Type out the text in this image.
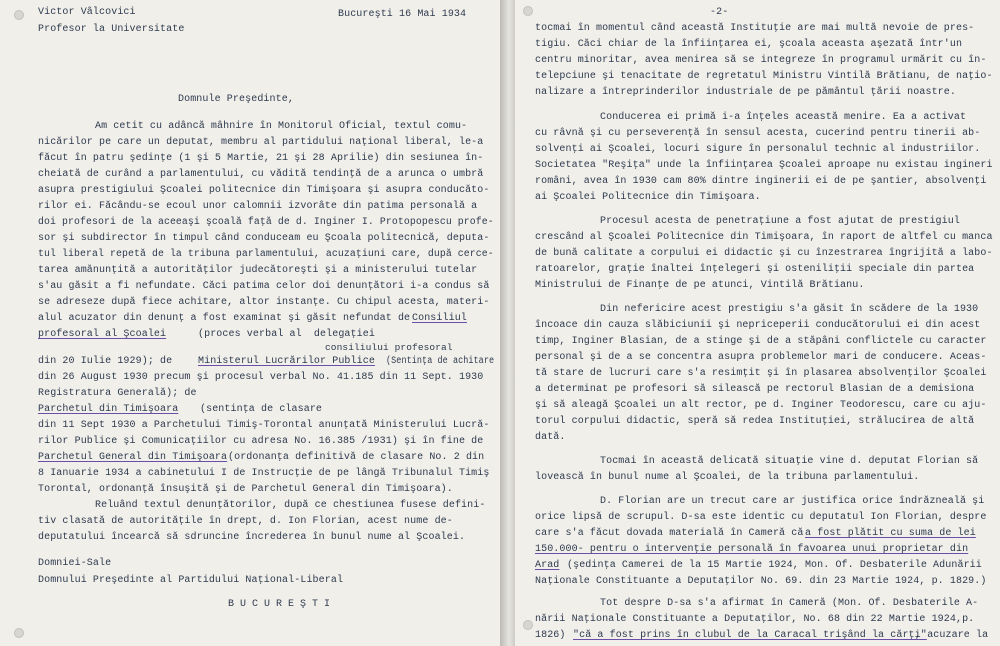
Victor Vâlcovici
Profesor la Universitate
Bucureşti 16 Mai 1934
Domnule Preşedinte,
Am cetit cu adâncă mâhnire în Monitorul Oficial, textul comu-
nicărilor pe care un deputat, membru al partidului naţional liberal, le-a
făcut în patru şedinţe (1 şi 5 Martie, 21 şi 28 Aprilie) din sesiunea în-
cheiată de curând a parlamentului, cu vădită tendinţă de a arunca o umbră
asupra prestigiului Şcoalei politecnice din Timişoara şi asupra conducăto-
rilor ei. Făcându-se ecoul unor calomnii izvorâte din patima personală a
doi profesori de la aceeaşi şcoală faţă de d. Inginer I. Protopopescu profe-
sor şi subdirector în timpul când conduceam eu Şcoala politecnică, deputa-
tul liberal repetă de la tribuna parlamentului, acuzaţiuni care, după cerce-
tarea amănunţită a autorităţilor judecătoreşti şi a ministerului tutelar
s'au găsit a fi nefundate. Căci patima celor doi denunţători i-a condus să
se adreseze după fiece achitare, altor instanţe. Cu chipul acesta, materi-
alul acuzator din denunţ a fost examinat şi găsit nefundat de Consiliul
profesoral al Şcoalei	(proces verbal al  delegaţiei
consiliului profesoral
din 20 Iulie 1929); de	Ministerul Lucrărilor Publice (Sentinţa de achitare
din 26 August 1930 precum şi procesul verbal No. 41.185 din 11 Sept. 1930
Registratura Generală); de
Parchetul din Timişoara (sentinţa de clasare
din 11 Sept 1930 a Parchetului Timiş-Torontal anunţată Ministerului Lucră-
rilor Publice şi Comunicaţiilor cu adresa No. 16.385 /1931) şi în fine de
Parchetul General din Timişoara (ordonanţa definitivă de clasare No. 2 din
8 Ianuarie 1934 a cabinetului I de Instrucţie de pe lângă Tribunalul Timiş
Torontal, ordonanţă însuşită şi de Parchetul General din Timişoara).
Reluând textul denunţătorilor, după ce chestiunea fusese defini-
tiv clasată de autorităţile în drept, d. Ion Florian, acest nume de-
deputatului încearcă să sdruncine încrederea în bunul nume al Şcoalei.
Domniei-Sale
Domnului Preşedinte al Partidului Naţional-Liberal
BUCUREŞTI
-2-
tocmai în momentul când această Instituţie are mai multă nevoie de pres-
tigiu. Căci chiar de la înfiinţarea ei, şcoala aceasta aşezată într'un
centru minoritar, avea menirea să se integreze în programul urmărit cu în-
telepciune şi tenacitate de regretatul Ministru Vintilă Brătianu, de naţio-
nalizare a întreprinderilor industriale de pe pământul ţării noastre.
Conducerea ei primă i-a înţeles această menire. Ea a activat
cu râvnă şi cu perseverenţă în sensul acesta, cucerind pentru tinerii ab-
solvenţi ai Şcoalei, locuri sigure în personalul technic al industriilor.
Societatea "Reşiţa" unde la înfiinţarea Şcoalei aproape nu existau ingineri
români, avea în 1930 cam 80% dintre inginerii ei de pe şantier, absolvenţi
ai Şcoalei Politecnice din Timişoara.
Procesul acesta de penetraţiune a fost ajutat de prestigiul
crescând al Şcoalei Politecnice din Timişoara, în raport de altfel cu manca
de bună calitate a corpului ei didactic şi cu înzestrarea îngrijită a labo-
ratoarelor, graţie înaltei înţelegeri şi osteniliţii speciale din partea
Ministrului de Finanţe de pe atunci, Vintilă Brătianu.
Din nefericire acest prestigiu s'a găsit în scădere de la 1930
încoace din cauza slăbiciunii şi nepriceperii conducătorului ei din acest
timp, Inginer Blasian, de a stinge şi de a stăpâni conflictele cu caracter
personal şi de a se concentra asupra problemelor mari de conducere. Aceas-
tă stare de lucruri care s'a resimţit şi în plasarea absolvenţilor Şcoalei
a determinat pe profesori să silească pe rectorul Blasian de a demisiona
şi să aleagă Şcoalei un alt rector, pe d. Inginer Teodorescu, care cu aju-
torul corpului didactic, speră să redea Instituţiei, strălucirea de altă
dată.
Tocmai în această delicată situaţie vine d. deputat Florian să
lovească în bunul nume al Şcoalei, de la tribuna parlamentului.
D. Florian are un trecut care ar justifica orice îndrăzneală şi
orice lipsă de scrupul. D-sa este identic cu deputatul Ion Florian, despre
care s'a făcut dovada materială în Cameră că a fost plătit cu suma de lei
150.000- pentru o intervenţie personală în favoarea unui proprietar din
Arad (şedinţa Camerei de la 15 Martie 1924, Mon. Of. Desbaterile Adunării
Naţionale Constituante a Deputaţilor No. 69. din 23 Martie 1924, p. 1829.)
Tot despre D-sa s'a afirmat în Cameră (Mon. Of. Desbaterile A-
nării Naţionale Constituante a Deputaţilor, No. 68 din 22 Martie 1924,p.
1826) "că a fost prins în clubul de la Caracal trişând la cărţi"
, acuzare la
